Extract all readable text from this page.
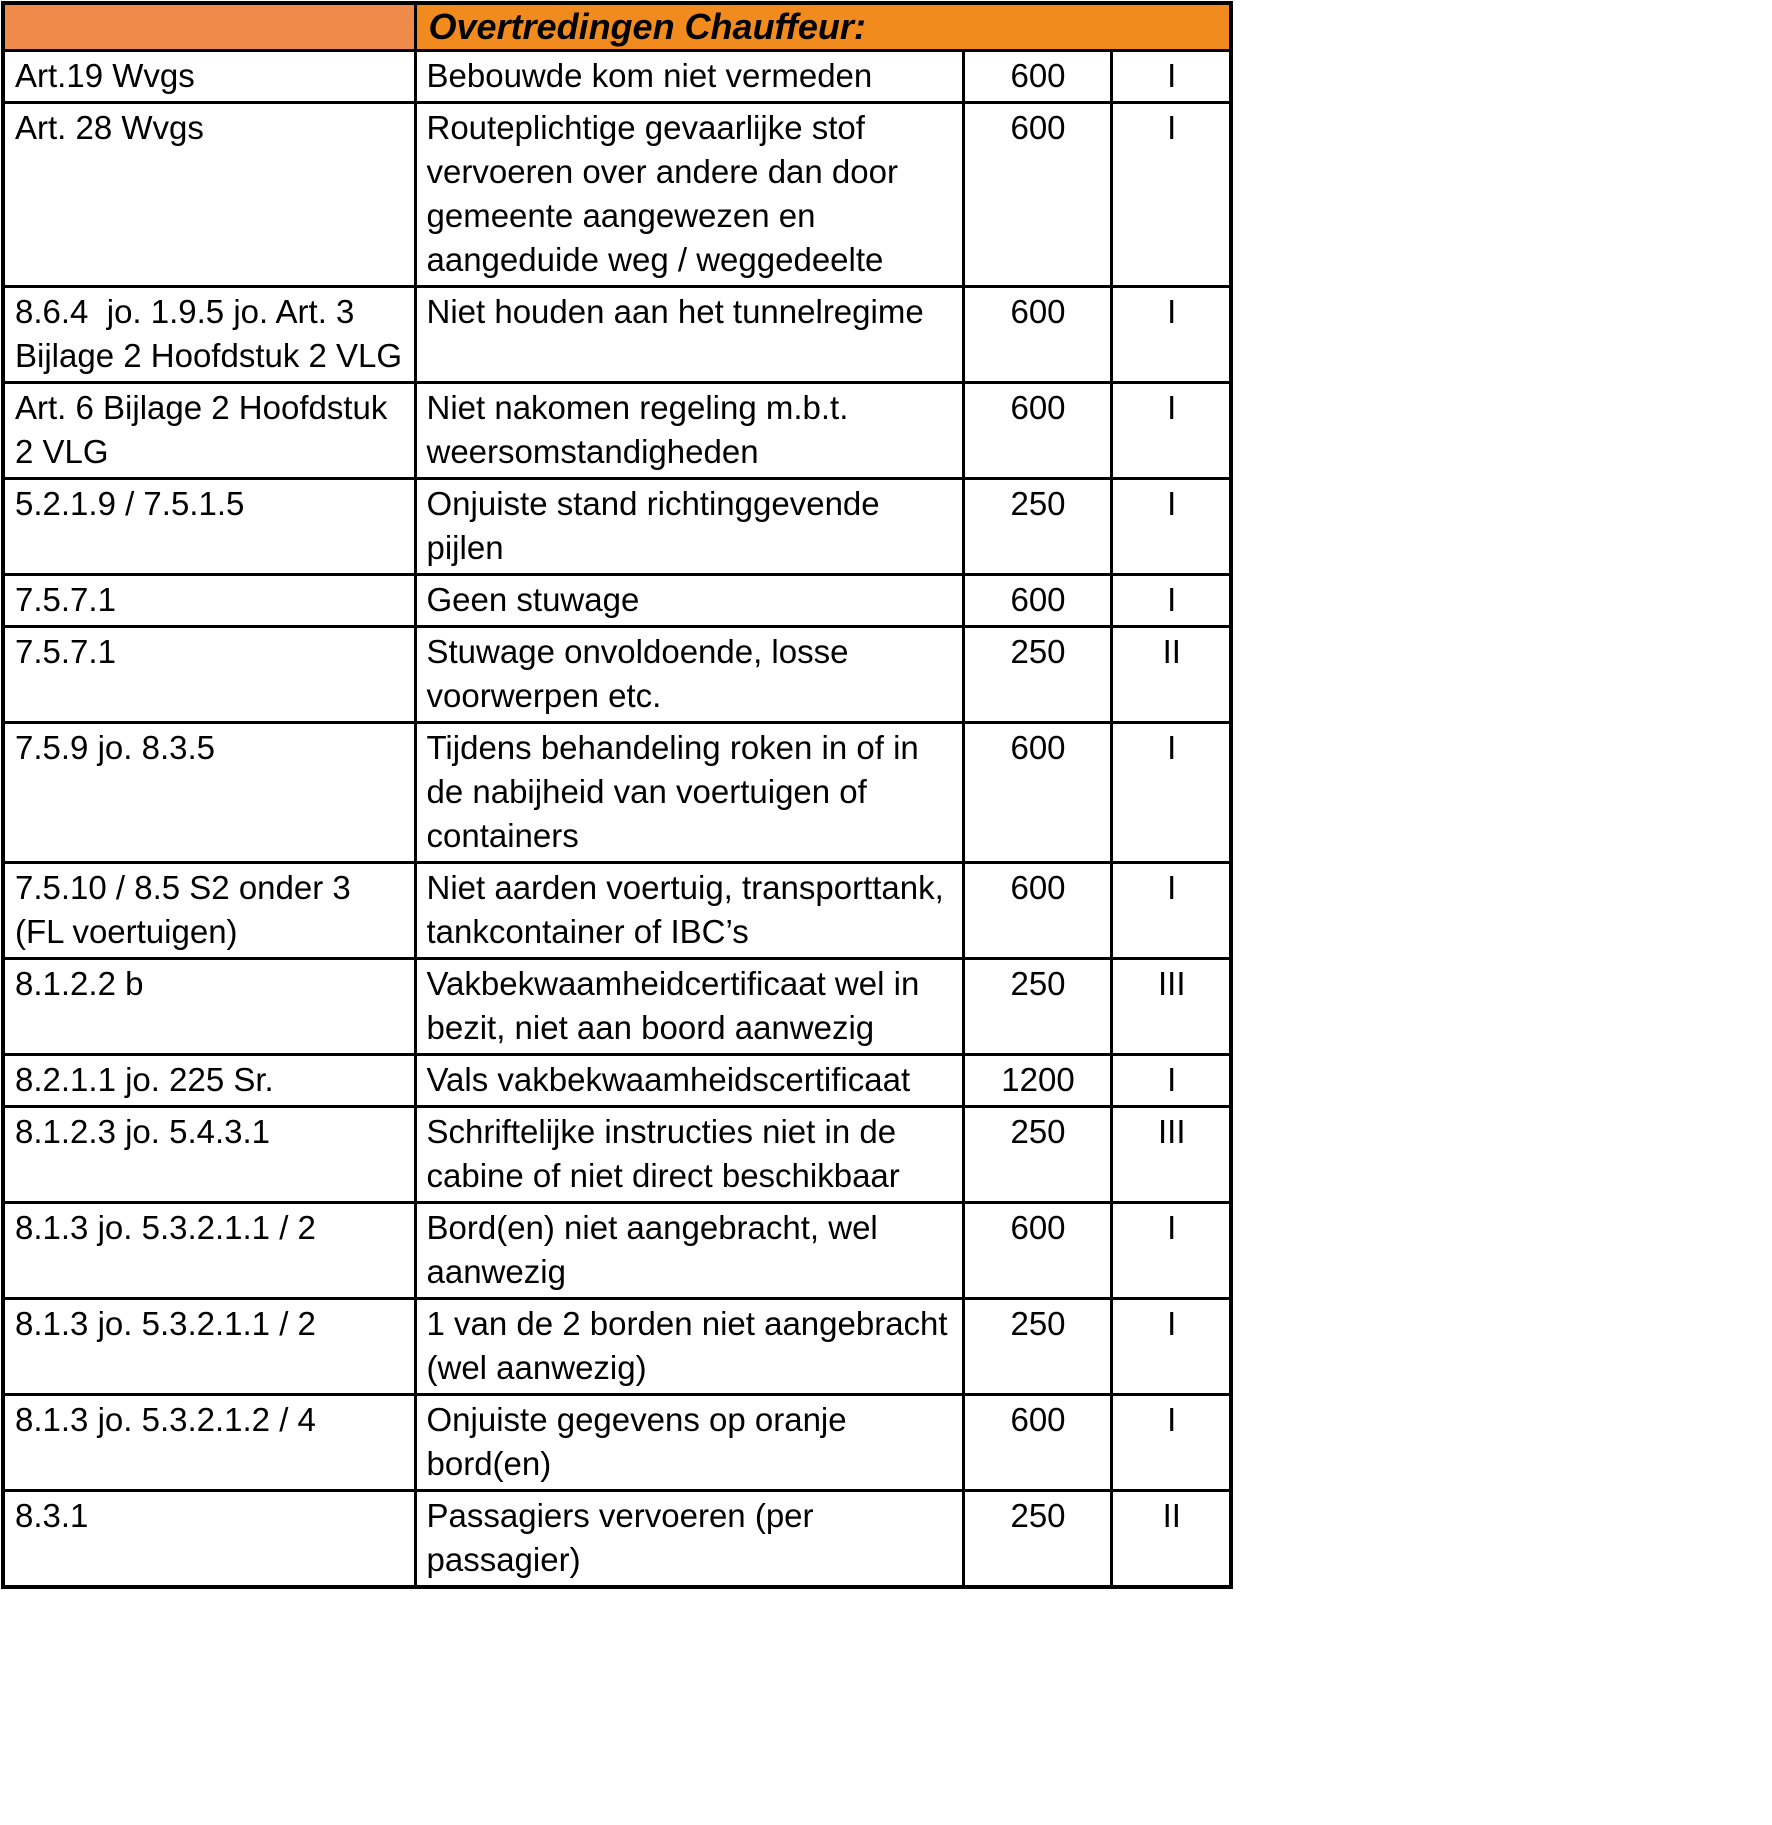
	Overtredingen Chauffeur:		
Art.19 Wvgs	Bebouwde kom niet vermeden	600	I
Art. 28 Wvgs	Routeplichtige gevaarlijke stof vervoeren over andere dan door gemeente aangewezen en aangeduide weg / weggedeelte	600	I
8.6.4  jo. 1.9.5 jo. Art. 3 Bijlage 2 Hoofdstuk 2 VLG	Niet houden aan het tunnelregime	600	I
Art. 6 Bijlage 2 Hoofdstuk 2 VLG	Niet nakomen regeling m.b.t. weersomstandigheden	600	I
5.2.1.9 / 7.5.1.5	Onjuiste stand richtinggevende pijlen	250	I
7.5.7.1	Geen stuwage	600	I
7.5.7.1	Stuwage onvoldoende, losse voorwerpen etc.	250	II
7.5.9 jo. 8.3.5	Tijdens behandeling roken in of in de nabijheid van voertuigen of containers	600	I
7.5.10 / 8.5 S2 onder 3 (FL voertuigen)	Niet aarden voertuig, transporttank, tankcontainer of IBC’s	600	I
8.1.2.2 b	Vakbekwaamheidcertificaat wel in bezit, niet aan boord aanwezig	250	III
8.2.1.1 jo. 225 Sr.	Vals vakbekwaamheidscertificaat	1200	I
8.1.2.3 jo. 5.4.3.1	Schriftelijke instructies niet in de cabine of niet direct beschikbaar	250	III
8.1.3 jo. 5.3.2.1.1 / 2	Bord(en) niet aangebracht, wel aanwezig	600	I
8.1.3 jo. 5.3.2.1.1 / 2	1 van de 2 borden niet aangebracht (wel aanwezig)	250	I
8.1.3 jo. 5.3.2.1.2 / 4	Onjuiste gegevens op oranje bord(en)	600	I
8.3.1	Passagiers vervoeren (per passagier)	250	II
